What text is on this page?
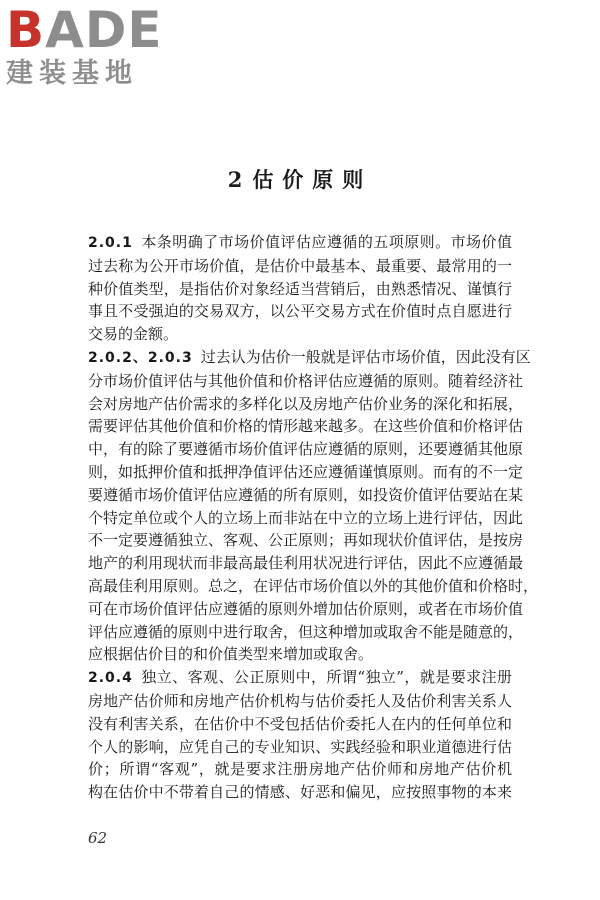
BADE
建装基地
2 估价原则
2.0.1 本条明确了市场价值评估应遵循的五项原则。市场价值
过去称为公开市场价值，是估价中最基本、最重要、最常用的一
种价值类型，是指估价对象经适当营销后，由熟悉情况、谨慎行
事且不受强迫的交易双方，以公平交易方式在价值时点自愿进行
交易的金额。
2.0.2、2.0.3 过去认为估价一般就是评估市场价值，因此没有区
分市场价值评估与其他价值和价格评估应遵循的原则。随着经济社
会对房地产估价需求的多样化以及房地产估价业务的深化和拓展，
需要评估其他价值和价格的情形越来越多。在这些价值和价格评估
中，有的除了要遵循市场价值评估应遵循的原则，还要遵循其他原
则，如抵押价值和抵押净值评估还应遵循谨慎原则。而有的不一定
要遵循市场价值评估应遵循的所有原则，如投资价值评估要站在某
个特定单位或个人的立场上而非站在中立的立场上进行评估，因此
不一定要遵循独立、客观、公正原则；再如现状价值评估，是按房
地产的利用现状而非最高最佳利用状况进行评估，因此不应遵循最
高最佳利用原则。总之，在评估市场价值以外的其他价值和价格时，
可在市场价值评估应遵循的原则外增加估价原则，或者在市场价值
评估应遵循的原则中进行取舍，但这种增加或取舍不能是随意的，
应根据估价目的和价值类型来增加或取舍。
2.0.4 独立、客观、公正原则中，所谓“独立”，就是要求注册
房地产估价师和房地产估价机构与估价委托人及估价利害关系人
没有利害关系，在估价中不受包括估价委托人在内的任何单位和
个人的影响，应凭自己的专业知识、实践经验和职业道德进行估
价；所谓“客观”，就是要求注册房地产估价师和房地产估价机
构在估价中不带着自己的情感、好恶和偏见，应按照事物的本来
62
